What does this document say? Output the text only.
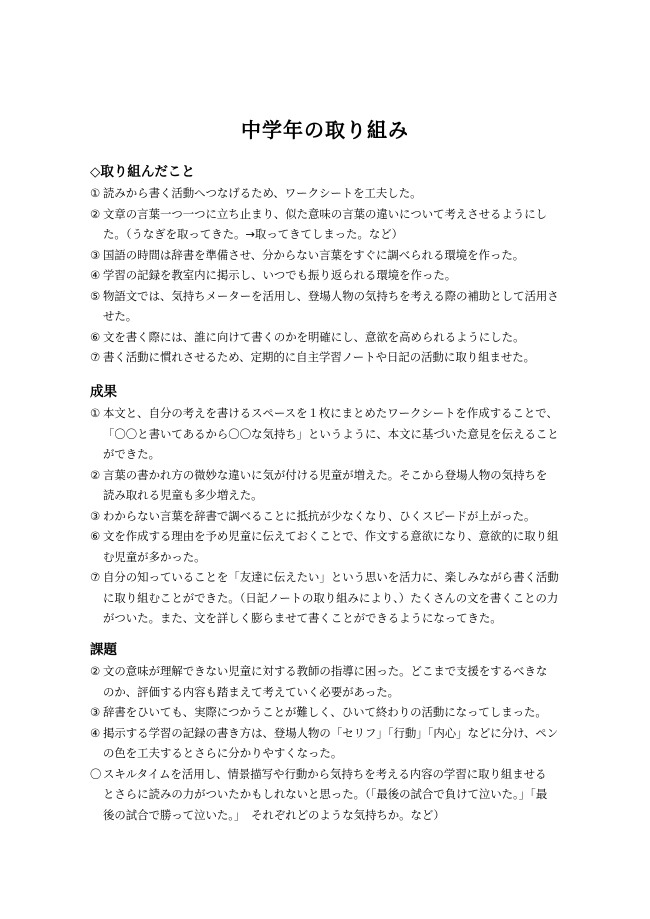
中学年の取り組み
◇取り組んだこと
① 読みから書く活動へつなげるため、ワークシートを工夫した。
② 文章の言葉一つ一つに立ち止まり、似た意味の言葉の違いについて考えさせるようにし
た。（うなぎを取ってきた。→取ってきてしまった。など）
③ 国語の時間は辞書を準備させ、分からない言葉をすぐに調べられる環境を作った。
④ 学習の記録を教室内に掲示し、いつでも振り返られる環境を作った。
⑤ 物語文では、気持ちメーターを活用し、登場人物の気持ちを考える際の補助として活用さ
せた。
⑥ 文を書く際には、誰に向けて書くのかを明確にし、意欲を高められるようにした。
⑦ 書く活動に慣れさせるため、定期的に自主学習ノートや日記の活動に取り組ませた。
成果
① 本文と、自分の考えを書けるスペースを１枚にまとめたワークシートを作成することで、
「〇〇と書いてあるから〇〇な気持ち」というように、本文に基づいた意見を伝えること
ができた。
② 言葉の書かれ方の微妙な違いに気が付ける児童が増えた。そこから登場人物の気持ちを
読み取れる児童も多少増えた。
③ わからない言葉を辞書で調べることに抵抗が少なくなり、ひくスピードが上がった。
⑥ 文を作成する理由を予め児童に伝えておくことで、作文する意欲になり、意欲的に取り組
む児童が多かった。
⑦ 自分の知っていることを「友達に伝えたい」という思いを活力に、楽しみながら書く活動
に取り組むことができた。（日記ノートの取り組みにより、）たくさんの文を書くことの力
がついた。また、文を詳しく膨らませて書くことができるようになってきた。
課題
② 文の意味が理解できない児童に対する教師の指導に困った。どこまで支援をするべきな
のか、評価する内容も踏まえて考えていく必要があった。
③ 辞書をひいても、実際につかうことが難しく、ひいて終わりの活動になってしまった。
④ 掲示する学習の記録の書き方は、登場人物の「セリフ」「行動」「内心」などに分け、ペン
の色を工夫するとさらに分かりやすくなった。
〇 スキルタイムを活用し、情景描写や行動から気持ちを考える内容の学習に取り組ませる
とさらに読みの力がついたかもしれないと思った。（「最後の試合で負けて泣いた。」「最
後の試合で勝って泣いた。」　それぞれどのような気持ちか。など）
